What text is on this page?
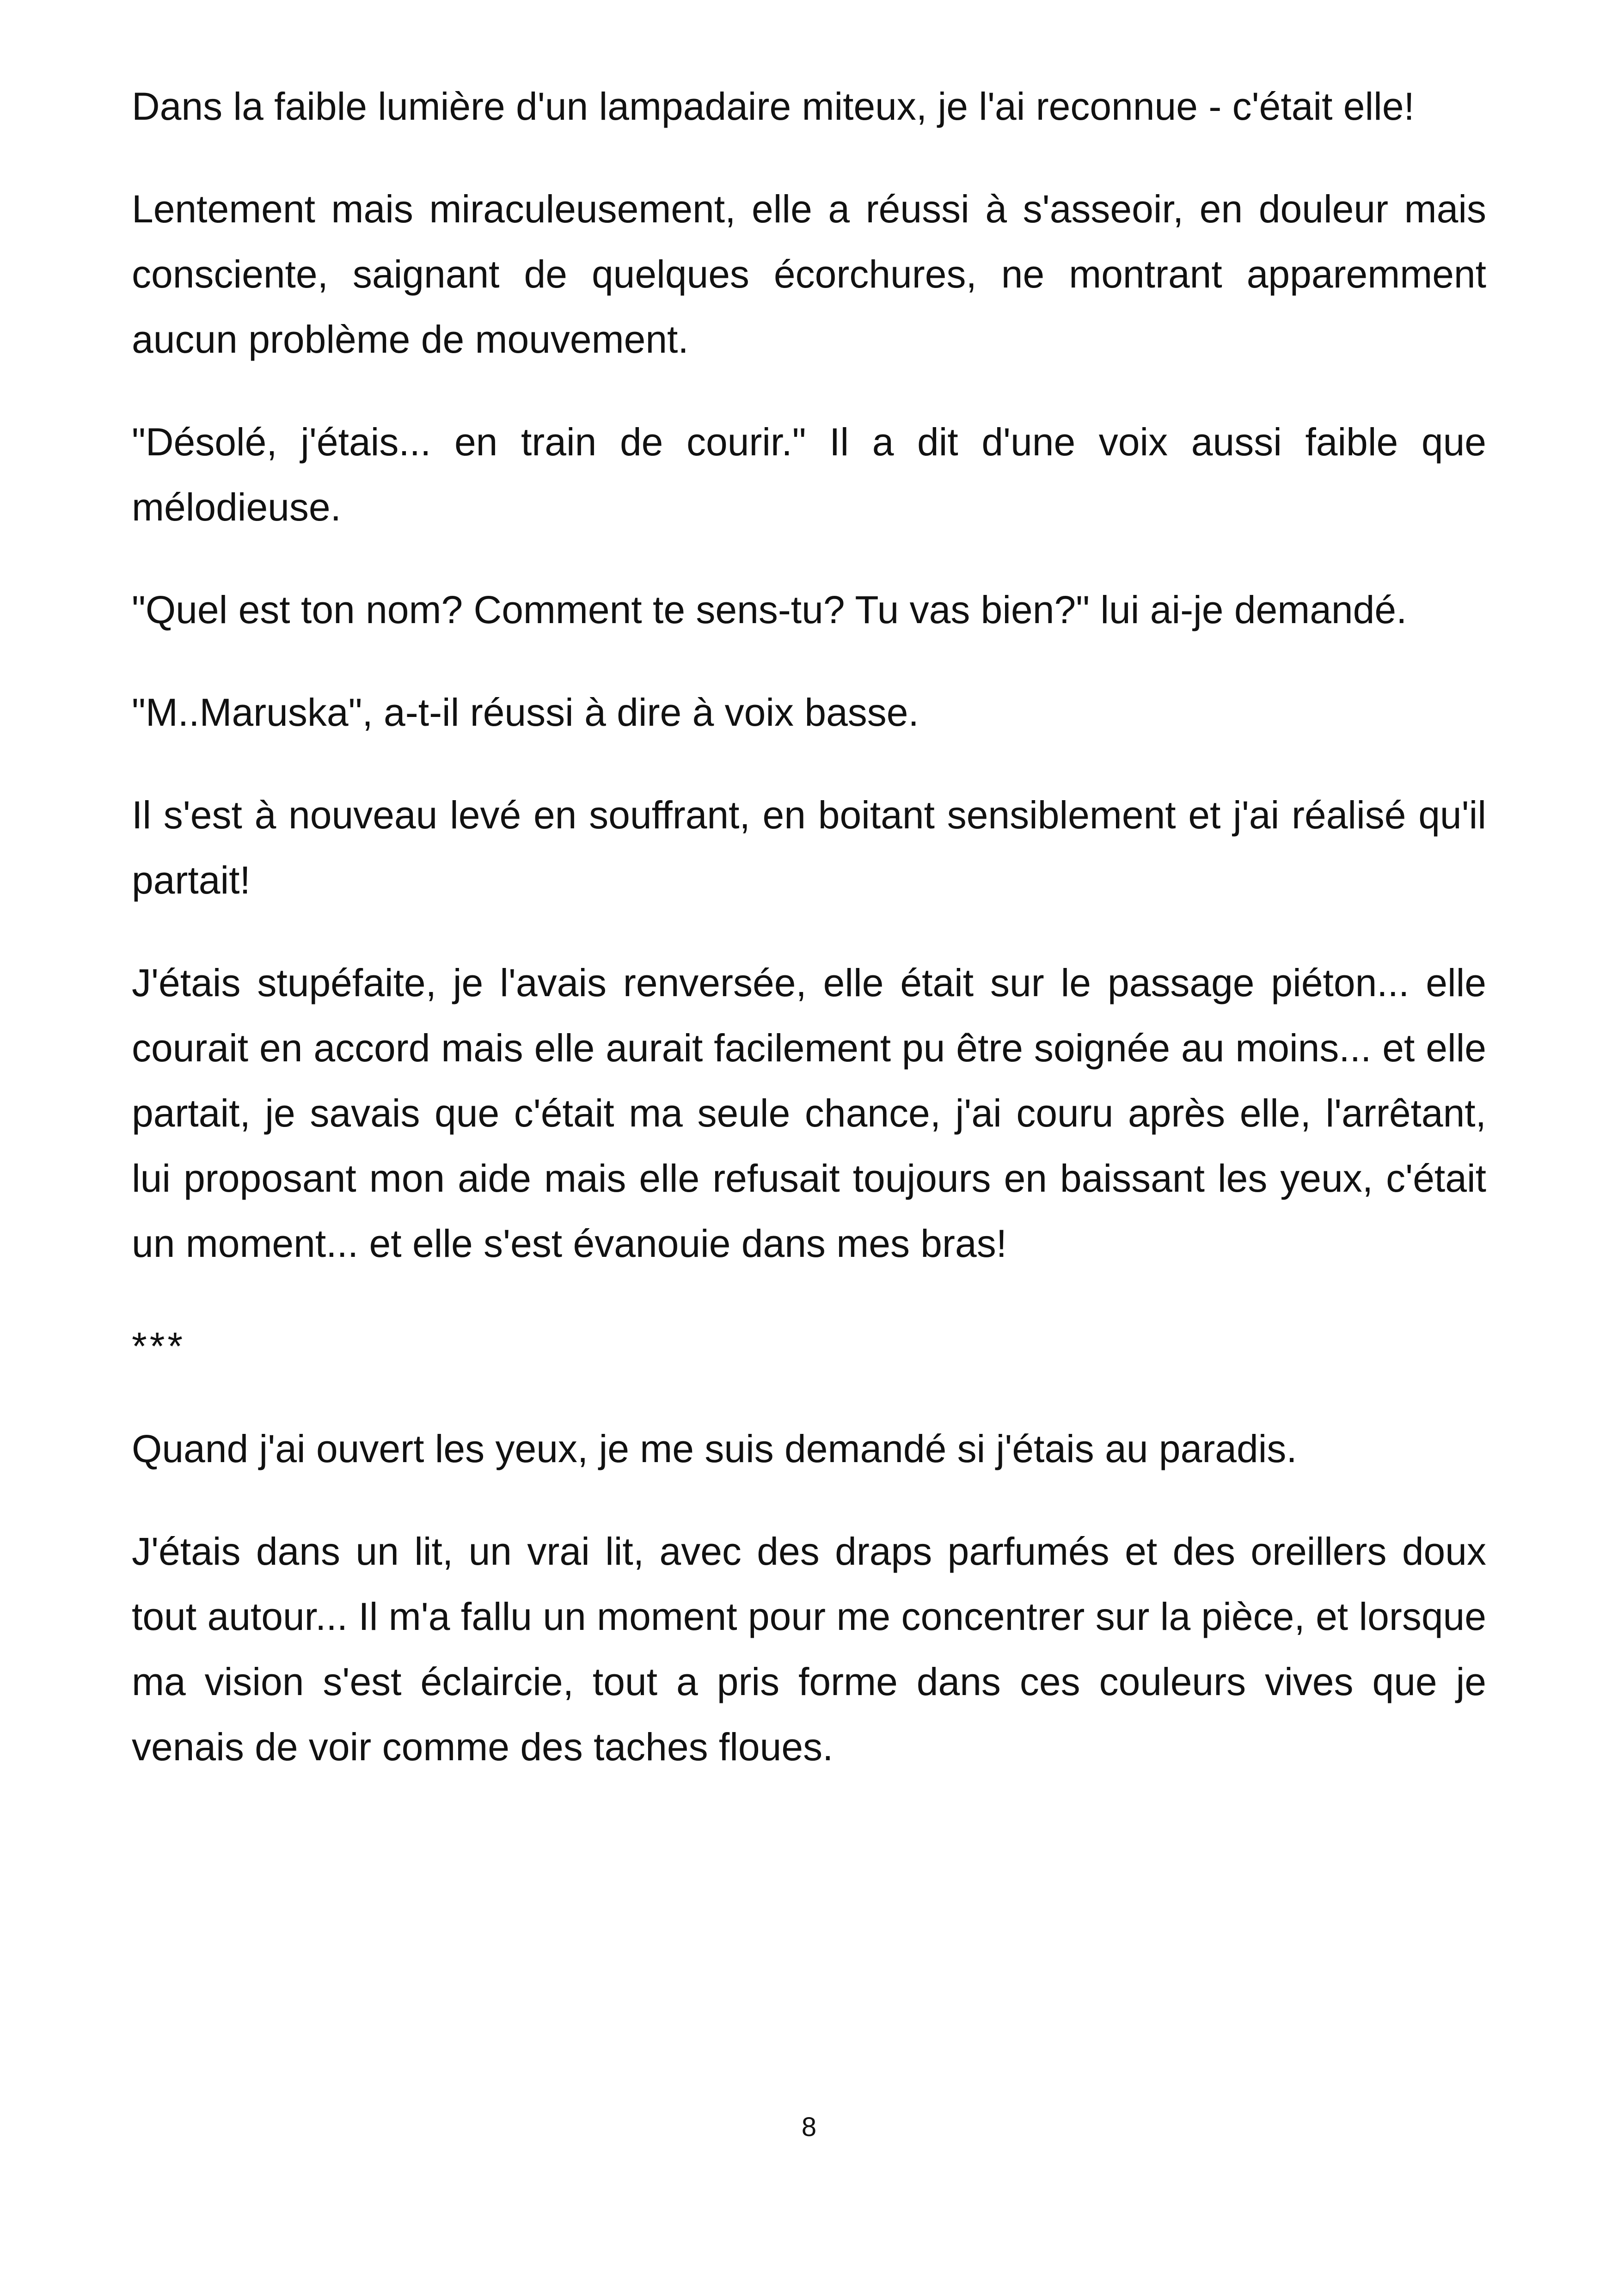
Dans la faible lumière d'un lampadaire miteux, je l'ai reconnue - c'était elle!

Lentement mais miraculeusement, elle a réussi à s'asseoir, en douleur mais consciente, saignant de quelques écorchures, ne montrant apparemment aucun problème de mouvement.

"Désolé, j'étais... en train de courir." Il a dit d'une voix aussi faible que mélodieuse.

"Quel est ton nom? Comment te sens-tu? Tu vas bien?" lui ai-je demandé.

"M..Maruska", a-t-il réussi à dire à voix basse.

Il s'est à nouveau levé en souffrant, en boitant sensiblement et j'ai réalisé qu'il partait!

J'étais stupéfaite, je l'avais renversée, elle était sur le passage piéton... elle courait en accord mais elle aurait facilement pu être soignée au moins... et elle partait, je savais que c'était ma seule chance, j'ai couru après elle, l'arrêtant, lui proposant mon aide mais elle refusait toujours en baissant les yeux, c'était un moment... et elle s'est évanouie dans mes bras!

***

Quand j'ai ouvert les yeux, je me suis demandé si j'étais au paradis.

J'étais dans un lit, un vrai lit, avec des draps parfumés et des oreillers doux tout autour... Il m'a fallu un moment pour me concentrer sur la pièce, et lorsque ma vision s'est éclaircie, tout a pris forme dans ces couleurs vives que je venais de voir comme des taches floues.

8
